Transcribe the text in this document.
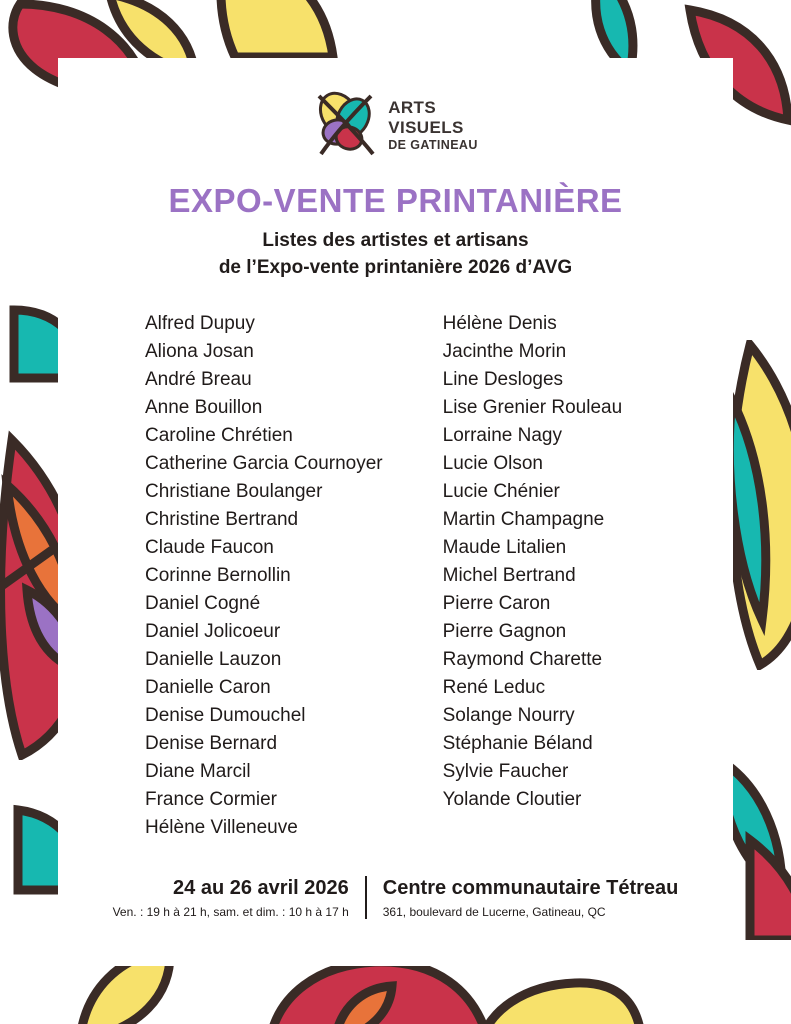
ARTS
VISUELS
DE GATINEAU
EXPO-VENTE PRINTANIÈRE
Listes des artistes et artisans
de l’Expo-vente printanière 2026 d’AVG
Alfred Dupuy
Aliona Josan
André Breau
Anne Bouillon
Caroline Chrétien
Catherine Garcia Cournoyer
Christiane Boulanger
Christine Bertrand
Claude Faucon
Corinne Bernollin
Daniel Cogné
Daniel Jolicoeur
Danielle Lauzon
Danielle Caron
Denise Dumouchel
Denise Bernard
Diane Marcil
France Cormier
Hélène Villeneuve
Hélène Denis
Jacinthe Morin
Line Desloges
Lise Grenier Rouleau
Lorraine Nagy
Lucie Olson
Lucie Chénier
Martin Champagne
Maude Litalien
Michel Bertrand
Pierre Caron
Pierre Gagnon
Raymond Charette
René Leduc
Solange Nourry
Stéphanie Béland
Sylvie Faucher
Yolande Cloutier
24 au 26 avril 2026
Ven. : 19 h à 21 h, sam. et dim. : 10 h à 17 h
Centre communautaire Tétreau
361, boulevard de Lucerne, Gatineau, QC
